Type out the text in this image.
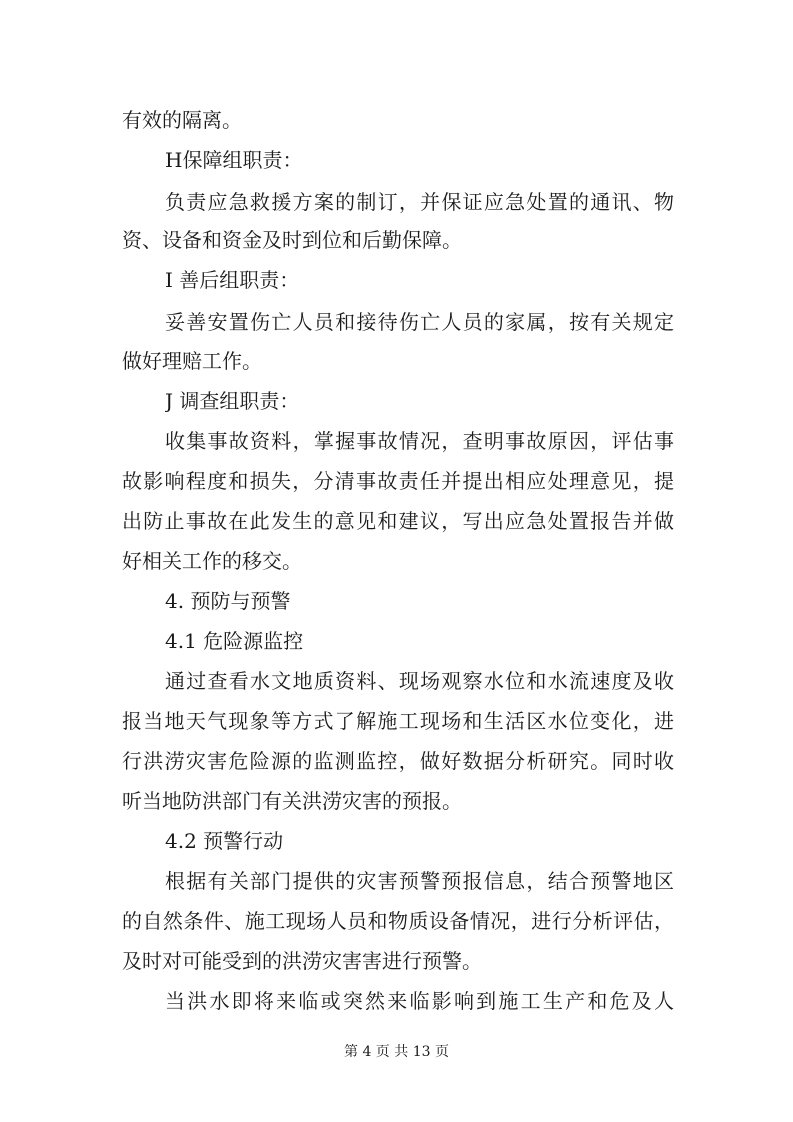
有效的隔离。
H保障组职责：
负责应急救援方案的制订，并保证应急处置的通讯、物
资、设备和资金及时到位和后勤保障。
I 善后组职责：
妥善安置伤亡人员和接待伤亡人员的家属，按有关规定
做好理赔工作。
J 调查组职责：
收集事故资料，掌握事故情况，查明事故原因，评估事
故影响程度和损失，分清事故责任并提出相应处理意见，提
出防止事故在此发生的意见和建议，写出应急处置报告并做
好相关工作的移交。
4. 预防与预警
4.1 危险源监控
通过查看水文地质资料、现场观察水位和水流速度及收
报当地天气现象等方式了解施工现场和生活区水位变化，进
行洪涝灾害危险源的监测监控，做好数据分析研究。同时收
听当地防洪部门有关洪涝灾害的预报。
4.2 预警行动
根据有关部门提供的灾害预警预报信息，结合预警地区
的自然条件、施工现场人员和物质设备情况，进行分析评估，
及时对可能受到的洪涝灾害害进行预警。
当洪水即将来临或突然来临影响到施工生产和危及人
第 4 页 共 13 页
